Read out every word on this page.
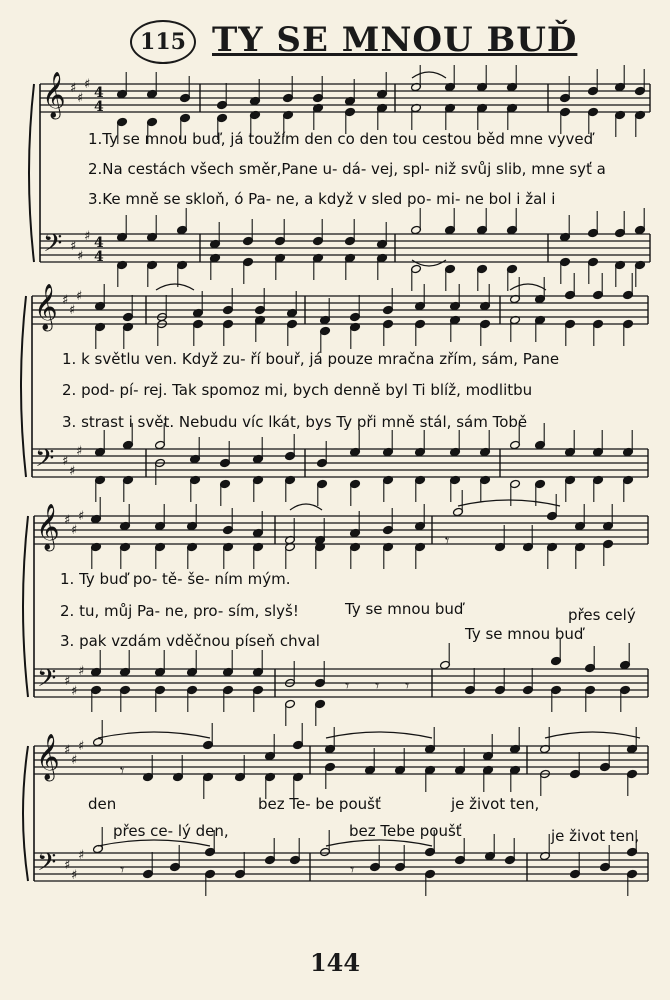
115 TY SE MNOU BUĎ
𝄞
𝄢
♯
♯
♯
♯
♯
♯
4
4
4
4
𝄞
𝄢
♯
♯
♯
♯
♯
♯
𝄞
𝄢
♯
♯
♯
♯
♯
♯
𝄾
𝄾 𝄾 𝄾
𝄞
𝄢
♯
♯
♯
♯
♯
♯
𝄾
𝄾	𝄾
1.Ty se mnou buď, já toužím den co den tou cestou běd mne vyveď
2.Na cestách všech směr,Pane u- dá- vej, spl- niž svůj slib, mne syť a
3.Ke mně se skloň, ó Pa- ne, a když v sled po- mi- ne bol i žal i
1. k světlu ven. Když zu- ří bouř, já pouze mračna zřím, sám, Pane
2. pod- pí- rej. Tak spomoz mi, bych denně byl Ti blíž, modlitbu
3. strast i svět. Nebudu víc lkát, bys Ty při mně stál, sám Tobě
1. Ty buď po- tě- še- ním mým.
2. tu, můj Pa- ne, pro- sím, slyš!
3. pak vzdám vděčnou píseň chval
Ty se mnou buď	přes celý
Ty se mnou buď
den	bez Te- be poušť	je život ten,
přes ce- lý den,	bez Tebe poušť	je život ten,
144
